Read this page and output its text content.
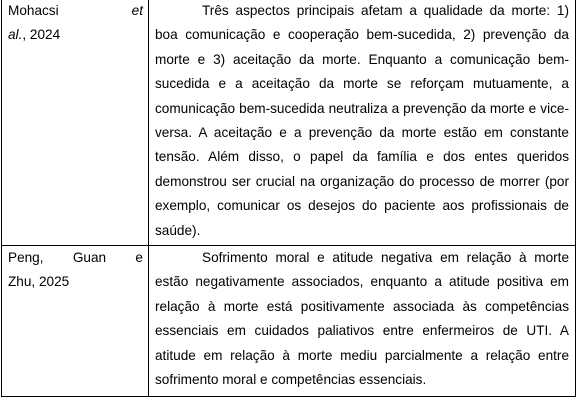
Mohacsi et
al., 2024	Três aspectos principais afetam a qualidade da morte: 1) boa comunicação e cooperação bem-sucedida, 2) prevenção da morte e 3) aceitação da morte. Enquanto a comunicação bem-sucedida e a aceitação da morte se reforçam mutuamente, a comunicação bem-sucedida neutraliza a prevenção da morte e vice-versa. A aceitação e a prevenção da morte estão em constante tensão. Além disso, o papel da família e dos entes queridos demonstrou ser crucial na organização do processo de morrer (por exemplo, comunicar os desejos do paciente aos profissionais de saúde).

Peng, Guan e
Zhu, 2025	Sofrimento moral e atitude negativa em relação à morte estão negativamente associados, enquanto a atitude positiva em relação à morte está positivamente associada às competências essenciais em cuidados paliativos entre enfermeiros de UTI. A atitude em relação à morte mediu parcialmente a relação entre sofrimento moral e competências essenciais.
